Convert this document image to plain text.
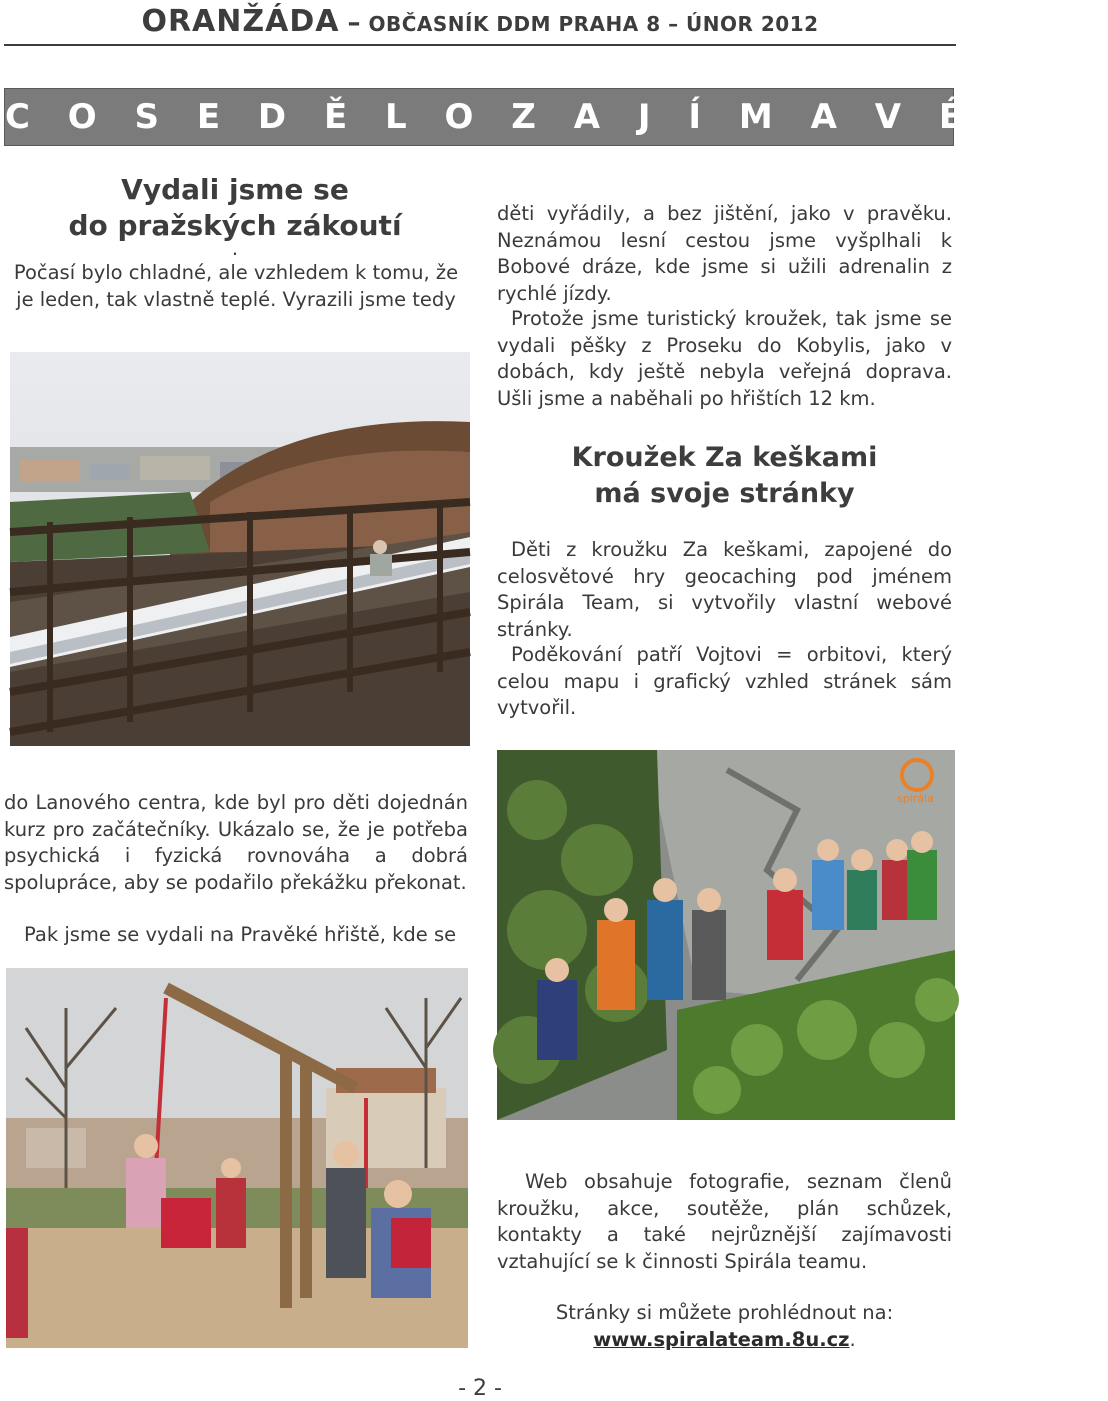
ORANŽÁDA – OBČASNÍK DDM PRAHA 8 – ÚNOR 2012
C O S E D Ě L O Z A J Í M A V É H O
Vydali jsme se
do pražských zákoutí
.
Počasí bylo chladné, ale vzhledem k tomu, že je leden, tak vlastně teplé. Vyrazili jsme tedy
děti vyřádily, a bez jištění, jako v pravěku. Neznámou lesní cestou jsme vyšplhali k Bobové dráze, kde jsme si užili adrenalin z rychlé jízdy.
Protože jsme turistický kroužek, tak jsme se vydali pěšky z Proseku do Kobylis, jako v dobách, kdy ještě nebyla veřejná doprava. Ušli jsme a naběhali po hřištích 12 km.
Kroužek Za keškami
má svoje stránky
Děti z kroužku Za keškami, zapojené do celosvětové hry geocaching pod jménem Spirála Team, si vytvořily vlastní webové stránky.
Poděkování patří Vojtovi = orbitovi, který celou mapu i grafický vzhled stránek sám vytvořil.
spirála
do Lanového centra, kde byl pro děti dojednán kurz pro začátečníky. Ukázalo se, že je potřeba psychická i fyzická rovnováha a dobrá spolupráce, aby se podařilo překážku překonat.
Pak jsme se vydali na Pravěké hřiště, kde se
Web obsahuje fotografie, seznam členů kroužku, akce, soutěže, plán schůzek, kontakty a také nejrůznější zajímavosti vztahující se k činnosti Spirála teamu.
Stránky si můžete prohlédnout na:
www.spiralateam.8u.cz.
- 2 -
